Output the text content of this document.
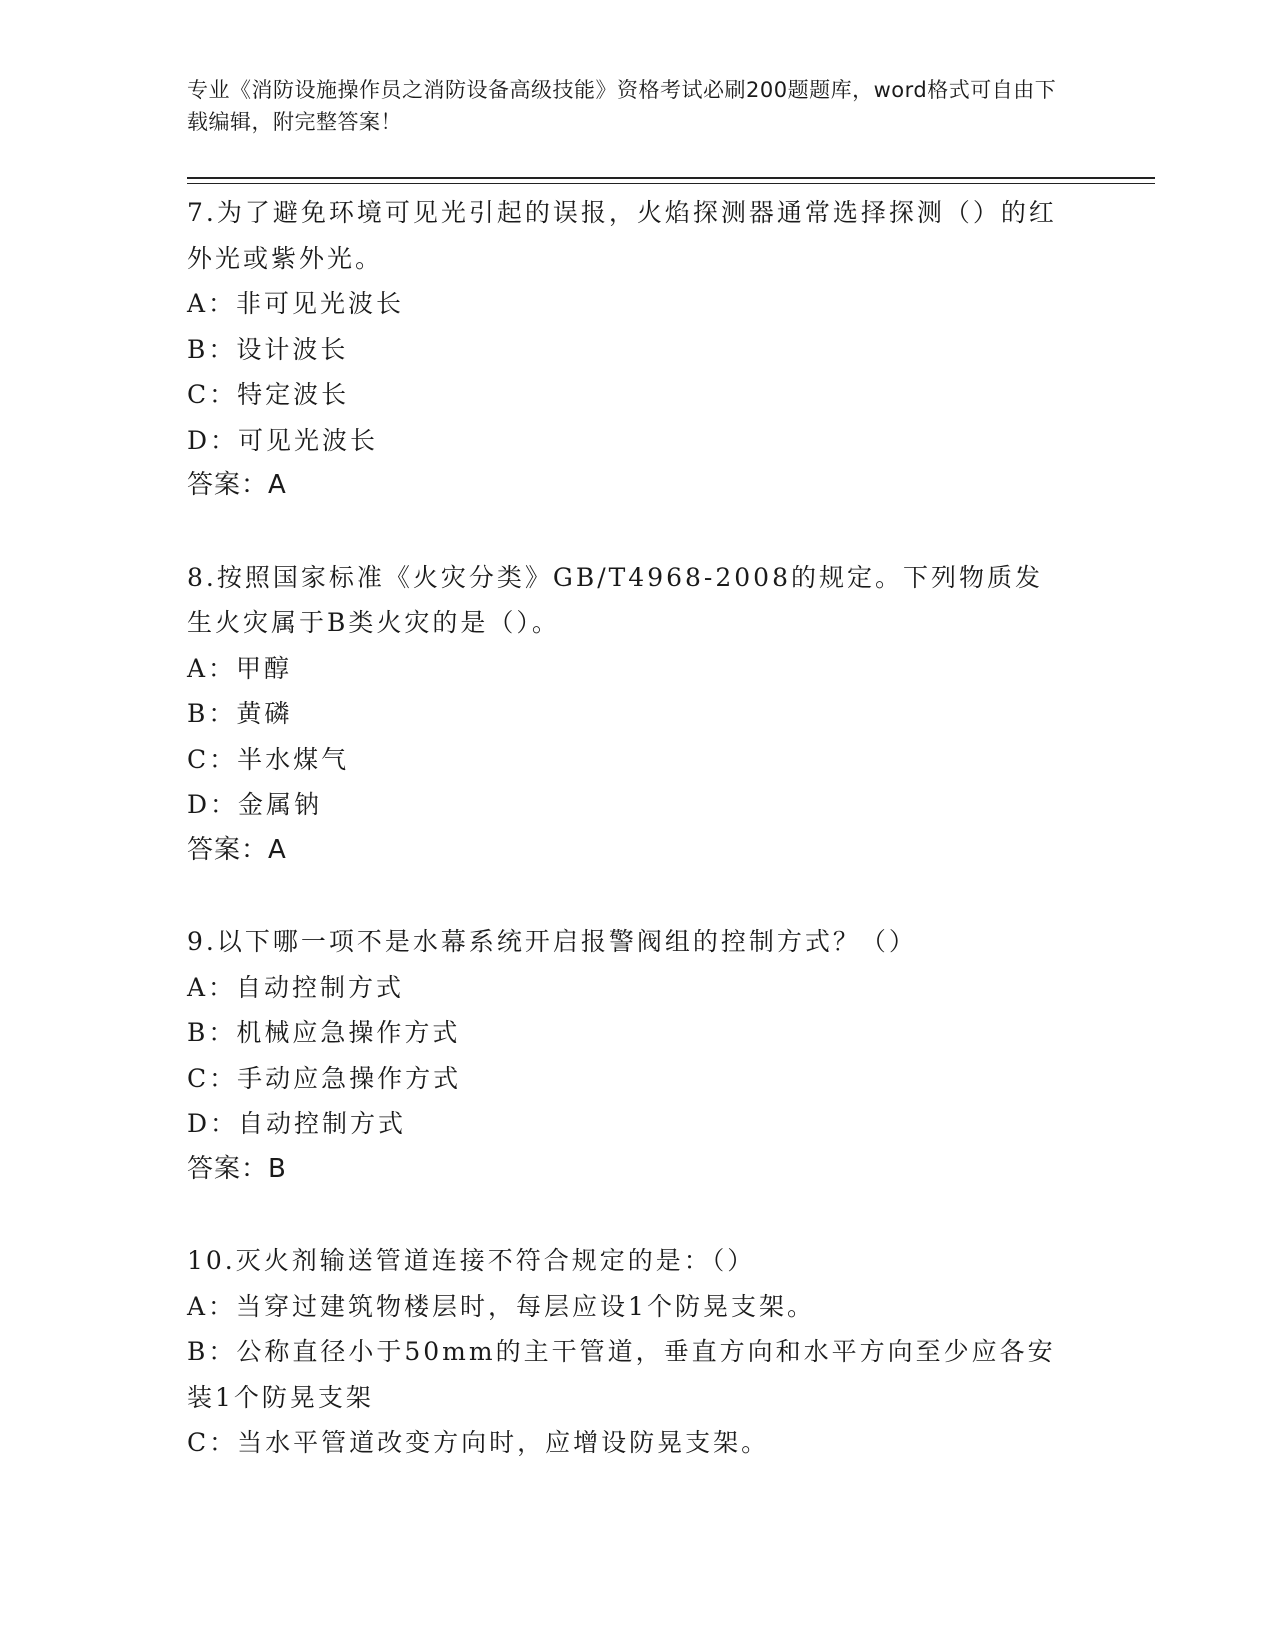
专业《消防设施操作员之消防设备高级技能》资格考试必刷200题题库，word格式可自由下载编辑，附完整答案！
7.为了避免环境可见光引起的误报，火焰探测器通常选择探测（）的红外光或紫外光。
A：非可见光波长
B：设计波长
C：特定波长
D：可见光波长
答案：A
8.按照国家标准《火灾分类》GB/T4968-2008的规定。下列物质发生火灾属于B类火灾的是（）。
A：甲醇
B：黄磷
C：半水煤气
D：金属钠
答案：A
9.以下哪一项不是水幕系统开启报警阀组的控制方式？（）
A：自动控制方式
B：机械应急操作方式
C：手动应急操作方式
D：自动控制方式
答案：B
10.灭火剂输送管道连接不符合规定的是：（）
A：当穿过建筑物楼层时，每层应设1个防晃支架。
B：公称直径小于50mm的主干管道，垂直方向和水平方向至少应各安装1个防晃支架
C：当水平管道改变方向时，应增设防晃支架。
